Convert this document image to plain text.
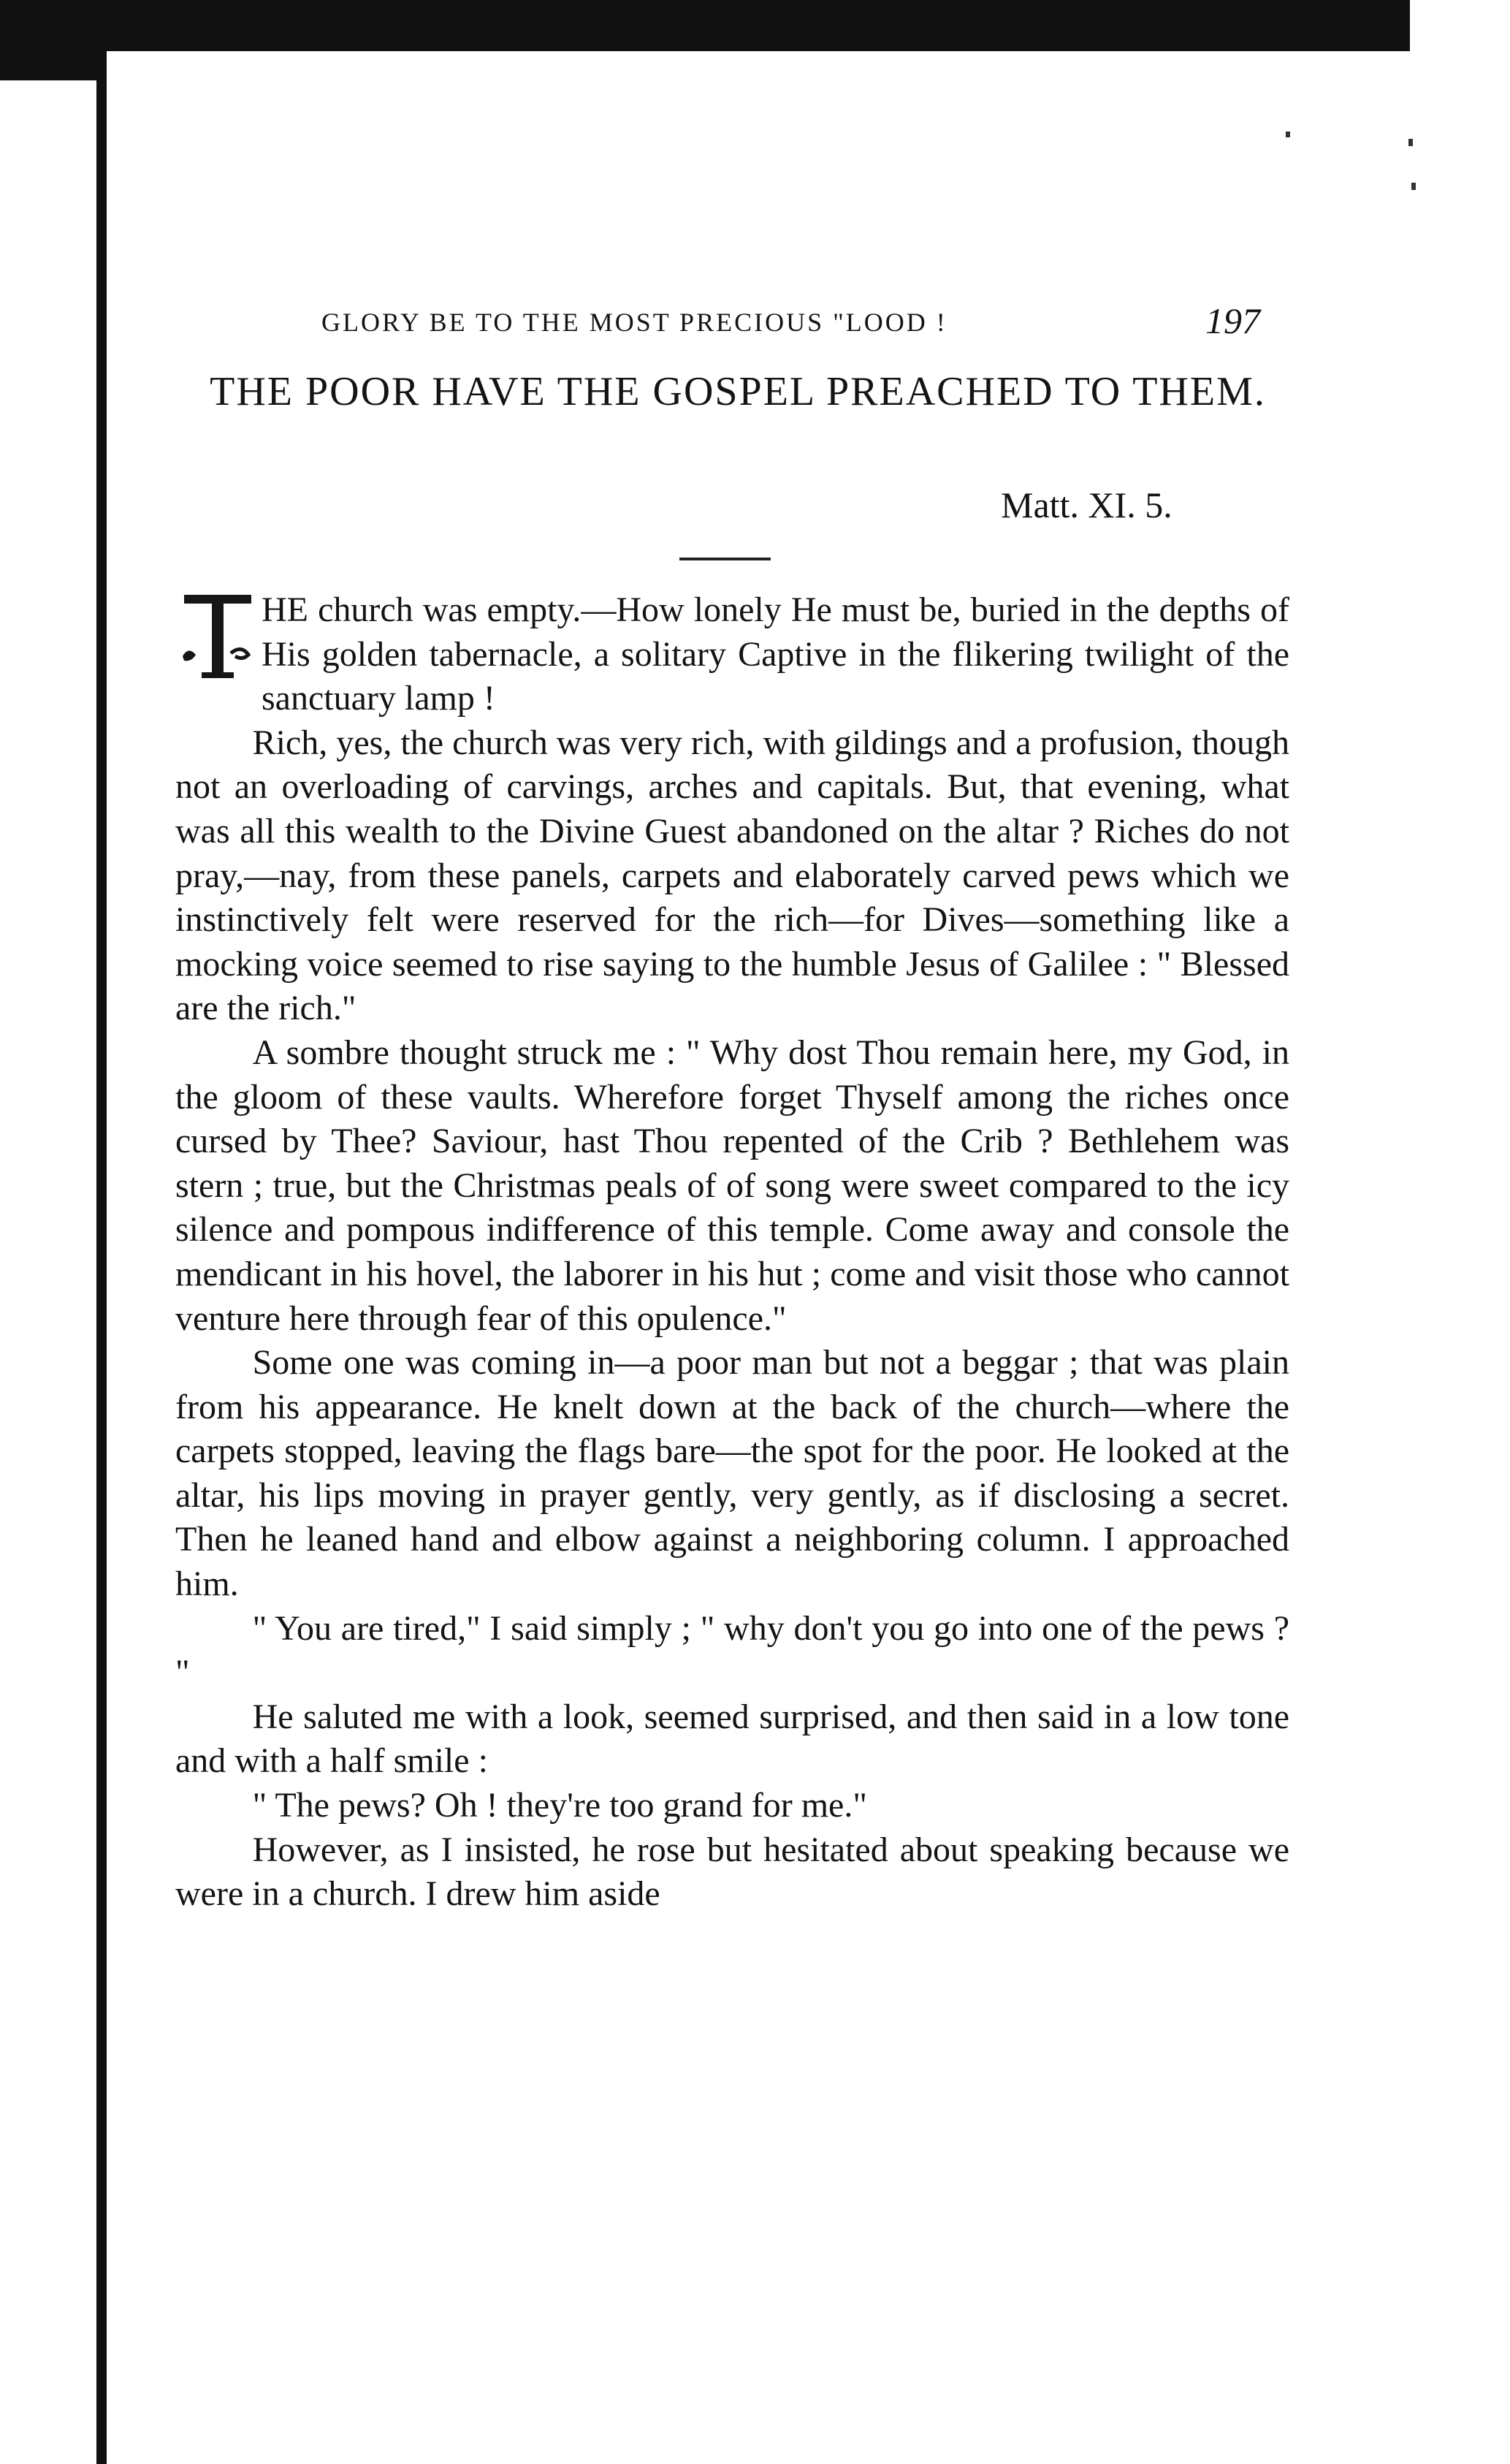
GLORY BE TO THE MOST PRECIOUS "LOOD !	197
THE POOR HAVE THE GOSPEL PREACHED TO THEM.
Matt. XI. 5.

HE church was empty.—How lonely He must be, buried in the depths of His golden tabernacle, a solitary Captive in the flikering twilight of the sanctuary lamp !

Rich, yes, the church was very rich, with gildings and a profusion, though not an overloading of carvings, arches and capitals. But, that evening, what was all this wealth to the Divine Guest abandoned on the altar ? Riches do not pray,—nay, from these panels, carpets and elaborately carved pews which we instinctively felt were reserved for the rich—for Dives—something like a mocking voice seemed to rise saying to the humble Jesus of Galilee : " Blessed are the rich."

A sombre thought struck me : " Why dost Thou remain here, my God, in the gloom of these vaults. Wherefore forget Thyself among the riches once cursed by Thee? Saviour, hast Thou repented of the Crib ? Bethlehem was stern ; true, but the Christmas peals of of song were sweet compared to the icy silence and pompous indifference of this temple. Come away and console the mendicant in his hovel, the laborer in his hut ; come and visit those who cannot venture here through fear of this opulence."

Some one was coming in—a poor man but not a beggar ; that was plain from his appearance. He knelt down at the back of the church—where the carpets stopped, leaving the flags bare—the spot for the poor. He looked at the altar, his lips moving in prayer gently, very gently, as if disclosing a secret. Then he leaned hand and elbow against a neighboring column. I approached him.

" You are tired," I said simply ; " why don't you go into one of the pews ? "

He saluted me with a look, seemed surprised, and then said in a low tone and with a half smile :

" The pews? Oh ! they're too grand for me."

However, as I insisted, he rose but hesitated about speaking because we were in a church. I drew him aside
